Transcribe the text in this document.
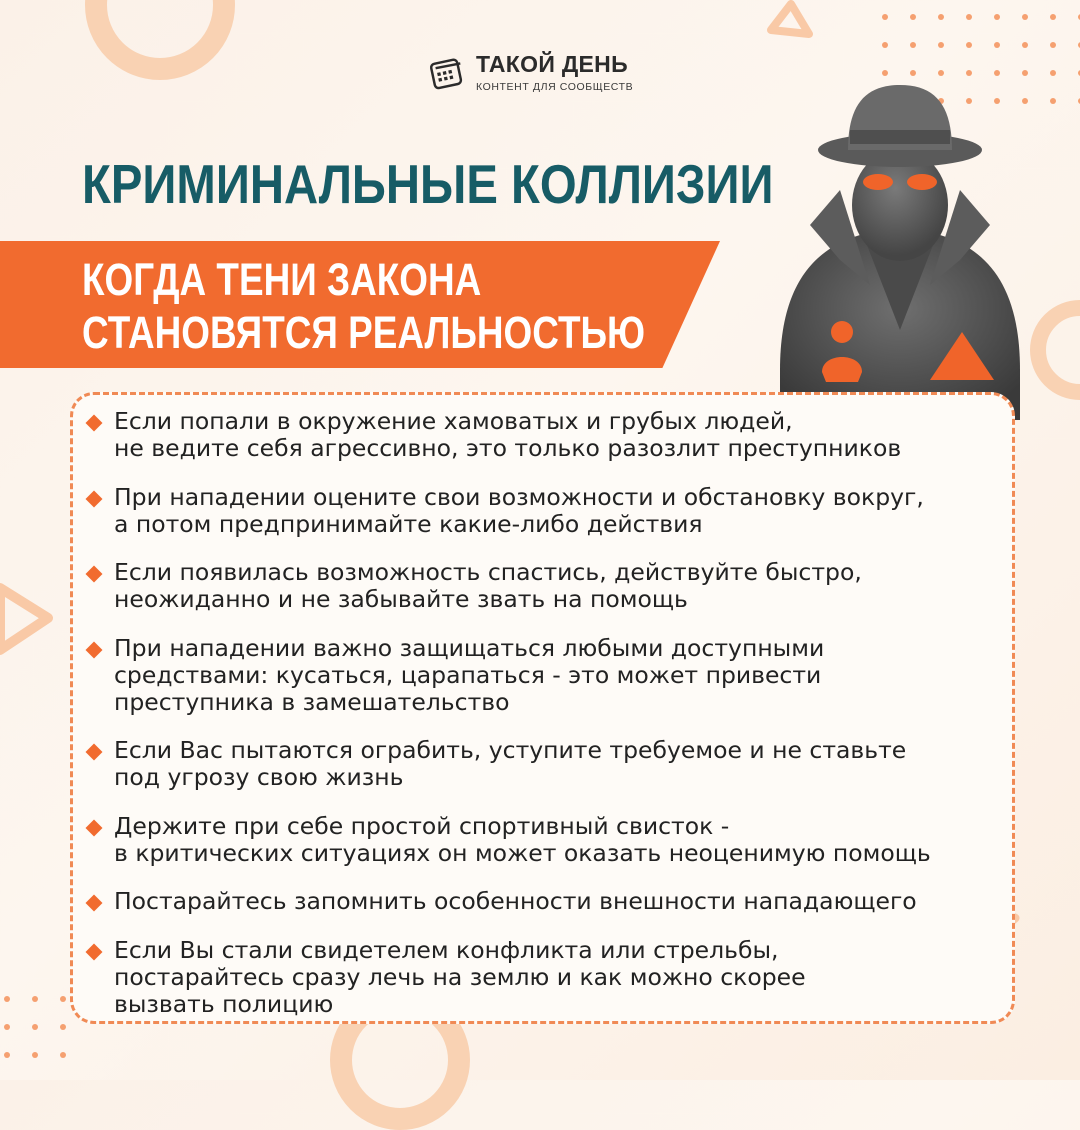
ТАКОЙ ДЕНЬ
КОНТЕНТ ДЛЯ СООБЩЕСТВ
КРИМИНАЛЬНЫЕ КОЛЛИЗИИ
КОГДА ТЕНИ ЗАКОНА
СТАНОВЯТСЯ РЕАЛЬНОСТЬЮ
Если попали в окружение хамоватых и грубых людей,
не ведите себя агрессивно, это только разозлит преступников
При нападении оцените свои возможности и обстановку вокруг,
а потом предпринимайте какие-либо действия
Если появилась возможность спастись, действуйте быстро,
неожиданно и не забывайте звать на помощь
При нападении важно защищаться любыми доступными
средствами: кусаться, царапаться - это может привести
преступника в замешательство
Если Вас пытаются ограбить, уступите требуемое и не ставьте
под угрозу свою жизнь
Держите при себе простой спортивный свисток -
в критических ситуациях он может оказать неоценимую помощь
Постарайтесь запомнить особенности внешности нападающего
Если Вы стали свидетелем конфликта или стрельбы,
постарайтесь сразу лечь на землю и как можно скорее
вызвать полицию
